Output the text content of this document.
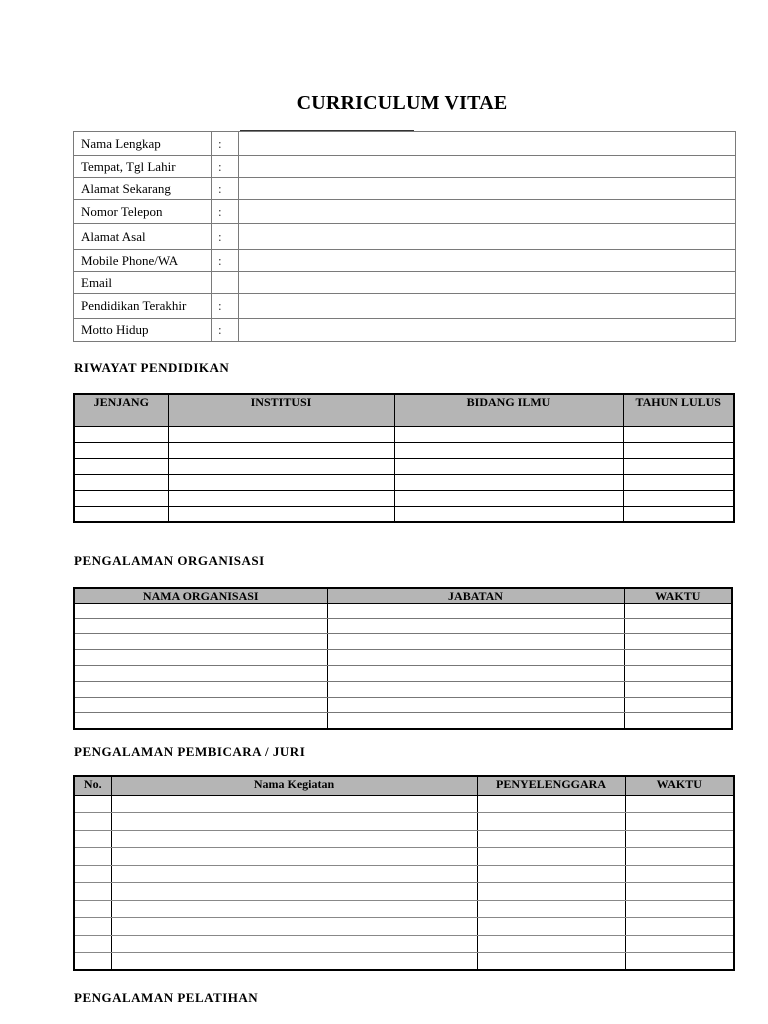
CURRICULUM VITAE
Nama Lengkap	:	
Tempat, Tgl Lahir	:	
Alamat Sekarang	:	
Nomor Telepon	:	
Alamat Asal	:	
Mobile Phone/WA	:	
Email		
Pendidikan Terakhir	:	
Motto Hidup	:	
RIWAYAT PENDIDIKAN
JENJANG	INSTITUSI	BIDANG ILMU	TAHUN LULUS

PENGALAMAN ORGANISASI
NAMA ORGANISASI	JABATAN	WAKTU

PENGALAMAN PEMBICARA / JURI
No.	Nama Kegiatan	PENYELENGGARA	WAKTU

PENGALAMAN PELATIHAN
